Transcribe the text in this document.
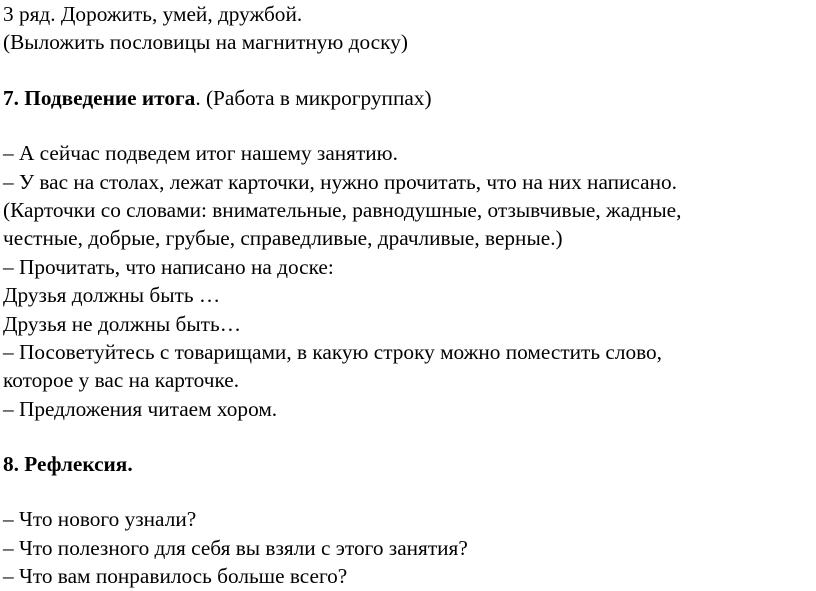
3 ряд. Дорожить, умей, дружбой.
(Выложить пословицы на магнитную доску)
7. Подведение итога. (Работа в микрогруппах)
– А сейчас подведем итог нашему занятию.
– У вас на столах, лежат карточки, нужно прочитать, что на них написано.
(Карточки со словами: внимательные, равнодушные, отзывчивые, жадные,
честные, добрые, грубые, справедливые, драчливые, верные.)
– Прочитать, что написано на доске:
Друзья должны быть …
Друзья не должны быть…
– Посоветуйтесь с товарищами, в какую строку можно поместить слово,
которое у вас на карточке.
– Предложения читаем хором.
8. Рефлексия.
– Что нового узнали?
– Что полезного для себя вы взяли с этого занятия?
– Что вам понравилось больше всего?
